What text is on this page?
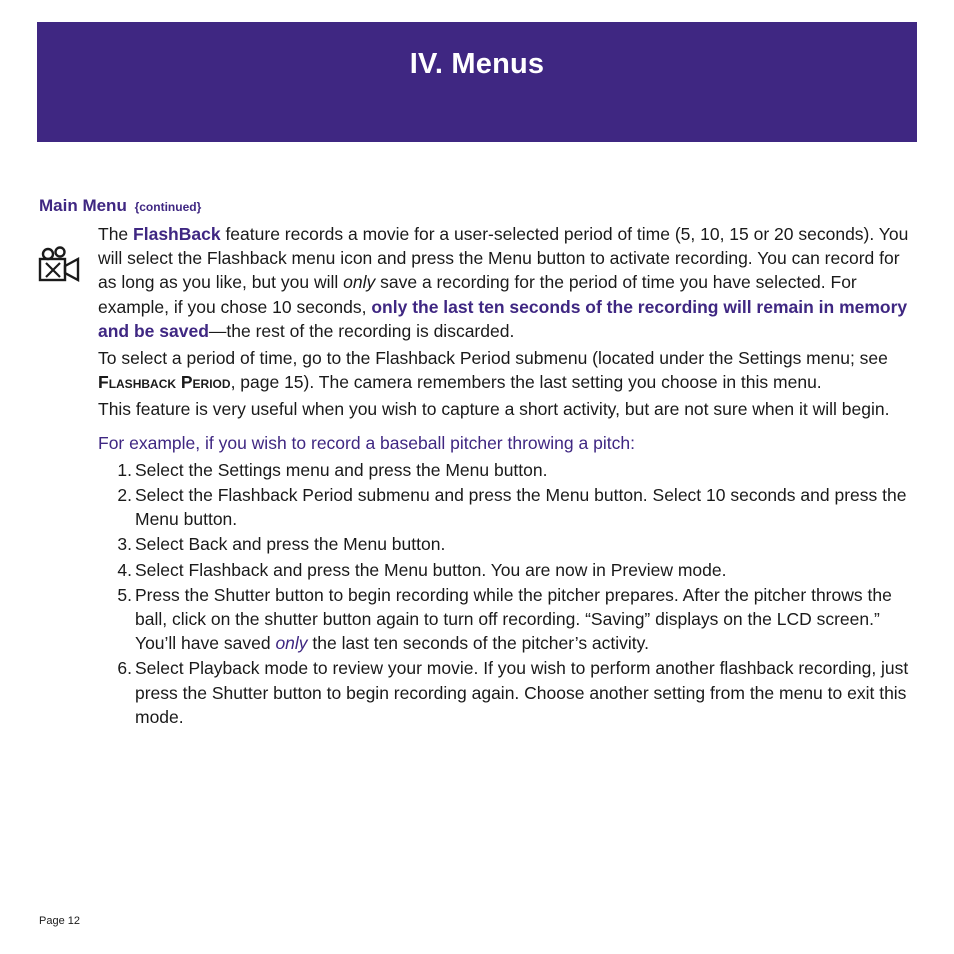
IV. Menus
Main Menu {continued}

The FlashBack feature records a movie for a user-selected period of time (5, 10, 15 or 20 seconds). You will select the Flashback menu icon and press the Menu button to activate recording. You can record for as long as you like, but you will only save a recording for the period of time you have selected. For example, if you chose 10 seconds, only the last ten seconds of the recording will remain in memory and be saved—the rest of the recording is discarded.

To select a period of time, go to the Flashback Period submenu (located under the Settings menu; see Flashback Period, page 15). The camera remembers the last setting you choose in this menu.

This feature is very useful when you wish to capture a short activity, but are not sure when it will begin.

For example, if you wish to record a baseball pitcher throwing a pitch:

1. Select the Settings menu and press the Menu button.
2. Select the Flashback Period submenu and press the Menu button. Select 10 seconds and press the Menu button.
3. Select Back and press the Menu button.
4. Select Flashback and press the Menu button. You are now in Preview mode.
5. Press the Shutter button to begin recording while the pitcher prepares. After the pitcher throws the ball, click on the shutter button again to turn off recording. “Saving” displays on the LCD screen.” You’ll have saved only the last ten seconds of the pitcher’s activity.
6. Select Playback mode to review your movie. If you wish to perform another flashback recording, just press the Shutter button to begin recording again. Choose another setting from the menu to exit this mode.
Page 12
